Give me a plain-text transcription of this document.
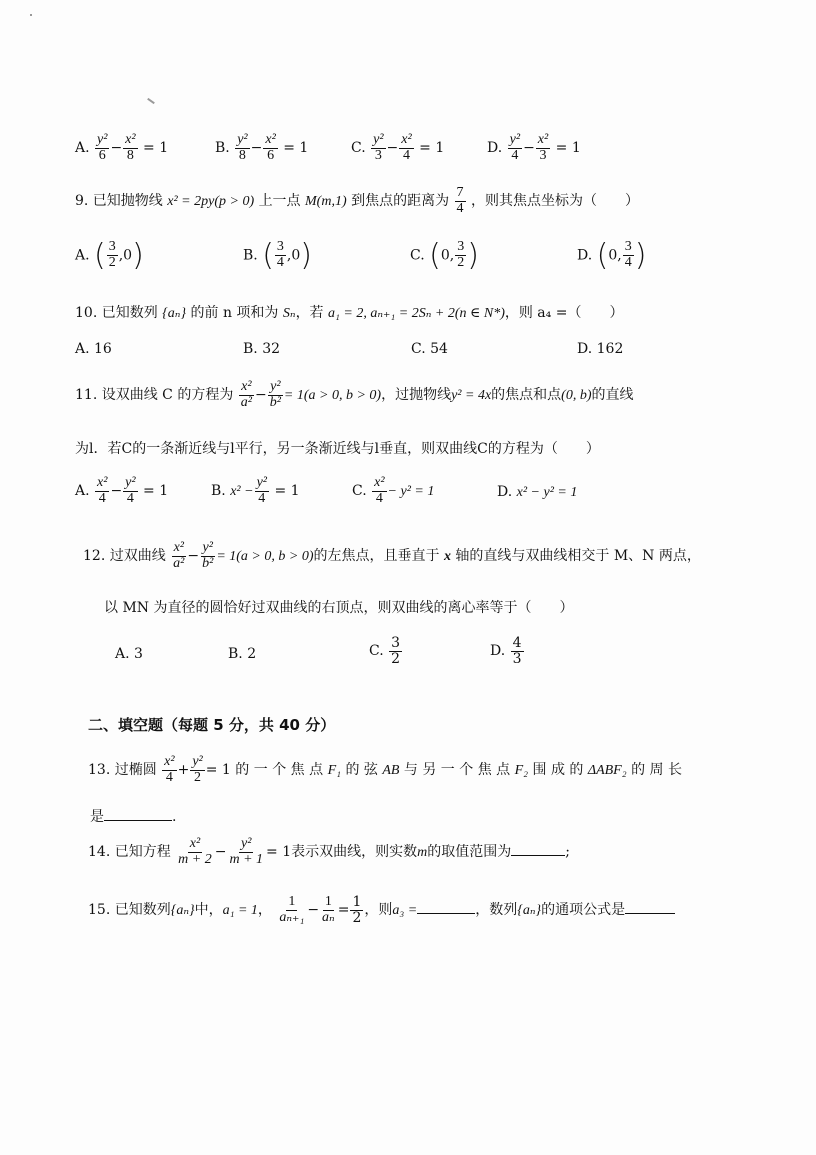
A. $\frac{\text{y²}}{6} - \frac{\text{x²}}{8} = 1$	B. $\frac{\text{y²}}{8} - \frac{\text{x²}}{6} = 1$	C. $\frac{\text{y²}}{3} - \frac{\text{x²}}{4} = 1$	D. $\frac{\text{y²}}{4} - \frac{\text{x²}}{3} = 1$
9. 已知抛物线 x² = 2py(p > 0) 上一点 M(m,1) 到焦点的距离为 $\frac{7}{4}$ ，则其焦点坐标为（　　）
A. ( $\frac{3}{2} ,0$)	B. ( $\frac{3}{4} ,0$)	C. (0, $\frac{3}{2}$ )	D. (0, $\frac{3}{4}$ )
10. 已知数列 {aₙ} 的前 n 项和为 Sₙ，若 a₁ = 2, aₙ₊₁ = 2Sₙ + 2(n ∈ N*)，则 a₄ =（　　）
A. 16	B. 32	C. 54	D. 162
11. 设双曲线 C 的方程为 $\frac{\text{x²}}{\text{a²}} - \frac{\text{y²}}{\text{b²}} = 1(a > 0$, b > 0)，过抛物线y² = 4x的焦点和点(0, b)的直线
为l．若C的一条渐近线与l平行，另一条渐近线与l垂直，则双曲线C的方程为（　　）
A. $\frac{\text{x²}}{4} - \frac{\text{y²}}{4} = 1$	B. $x^2 - \frac{\text{y²}}{4} = 1$	C. $\frac{\text{x²}}{4} - y^2 = 1$	D. x² − y² = 1
12. 过双曲线 $\frac{\text{x²}}{\text{a²}} - \frac{\text{y²}}{\text{b²}} = 1(a > 0$, b > 0)的左焦点，且垂直于 x 轴的直线与双曲线相交于 M、N 两点，
以 MN 为直径的圆恰好过双曲线的右顶点，则双曲线的离心率等于（　　）
A. 3	B. 2	C. $\frac{3}{2}$	D. $\frac{4}{3}$
二、填空题（每题 5 分，共 40 分）
13. 过椭圆 $\frac{\text{x²}}{4} + \frac{\text{y²}}{2} = 1$ 的 一 个 焦 点 F₁ 的 弦 AB 与 另 一 个 焦 点 F₂ 围 成 的 ΔABF₂ 的 周 长
是	.
14. 已知方程 $\frac{\text{x²}}{m + 2} - \frac{\text{y²}}{m + 1} = 1$表示双曲线，则实数m的取值范围为	;
15. 已知数列{aₙ}中，a₁ = 1， $\frac{1}{\text{aₙ₊₁}} - \frac{1}{\text{aₙ}} = \frac{1}{2}$ ，则a₃ =	，数列{aₙ}的通项公式是
